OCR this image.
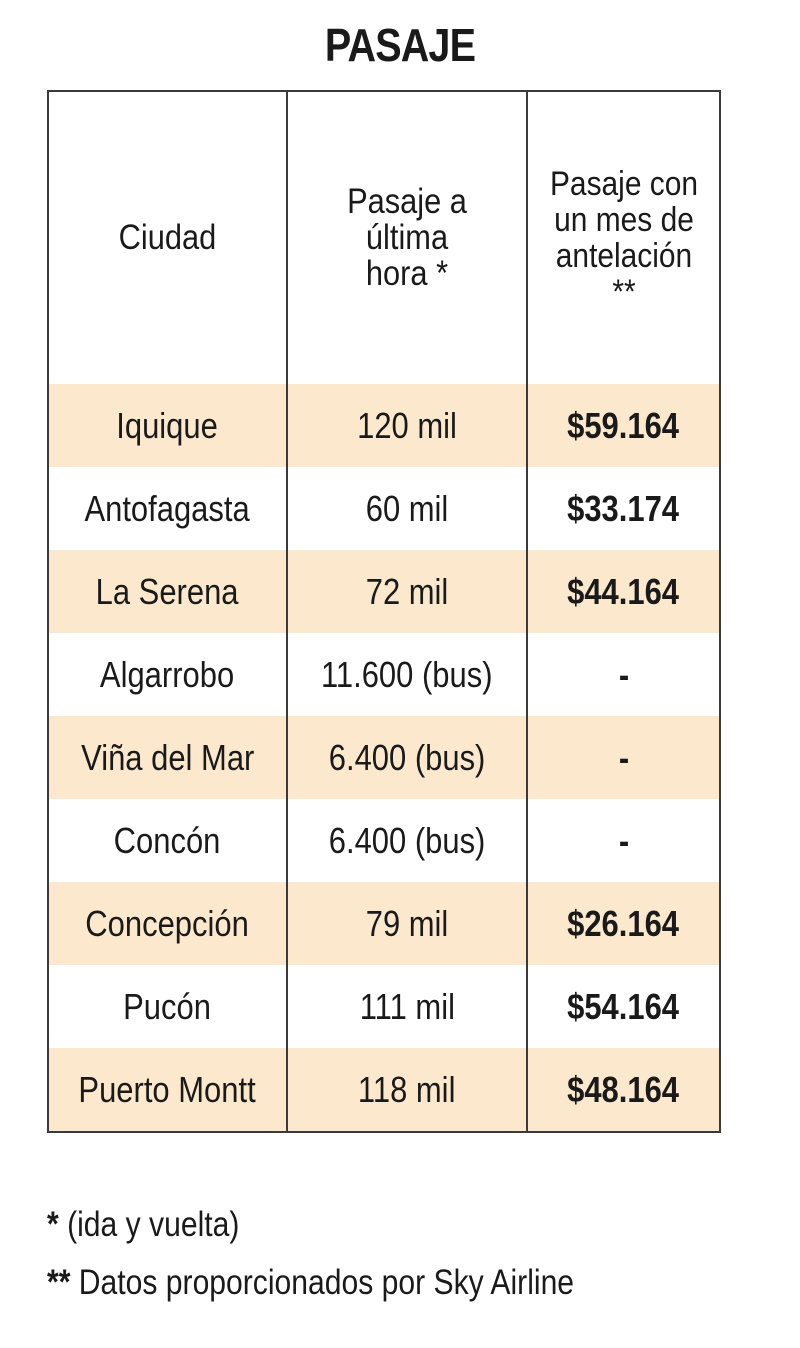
PASAJE
Ciudad	Pasaje a última hora *	Pasaje con un mes de antelación **
Iquique	120 mil	$59.164
Antofagasta	60 mil	$33.174
La Serena	72 mil	$44.164
Algarrobo	11.600 (bus)	-
Viña del Mar	6.400 (bus)	-
Concón	6.400 (bus)	-
Concepción	79 mil	$26.164
Pucón	111 mil	$54.164
Puerto Montt	118 mil	$48.164
* (ida y vuelta)
** Datos proporcionados por Sky Airline
